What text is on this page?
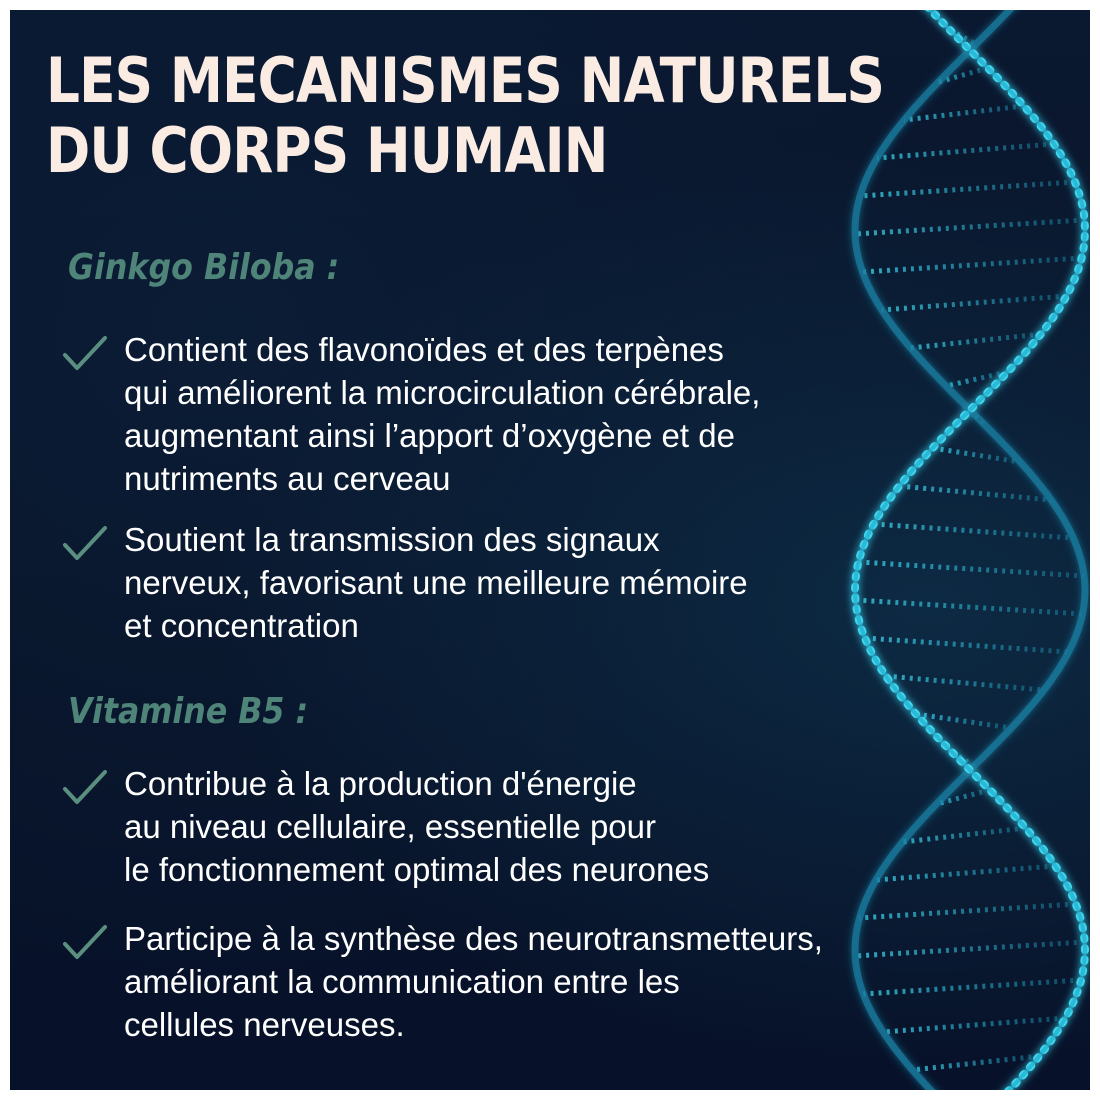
LES MECANISMES NATURELS
DU CORPS HUMAIN
Ginkgo Biloba :
Contient des flavonoïdes et des terpènes
qui améliorent la microcirculation cérébrale,
augmentant ainsi l’apport d’oxygène et de
nutriments au cerveau
Soutient la transmission des signaux
nerveux, favorisant une meilleure mémoire
et concentration
Vitamine B5 :
Contribue à la production d'énergie
au niveau cellulaire, essentielle pour
le fonctionnement optimal des neurones
Participe à la synthèse des neurotransmetteurs,
améliorant la communication entre les
cellules nerveuses.
